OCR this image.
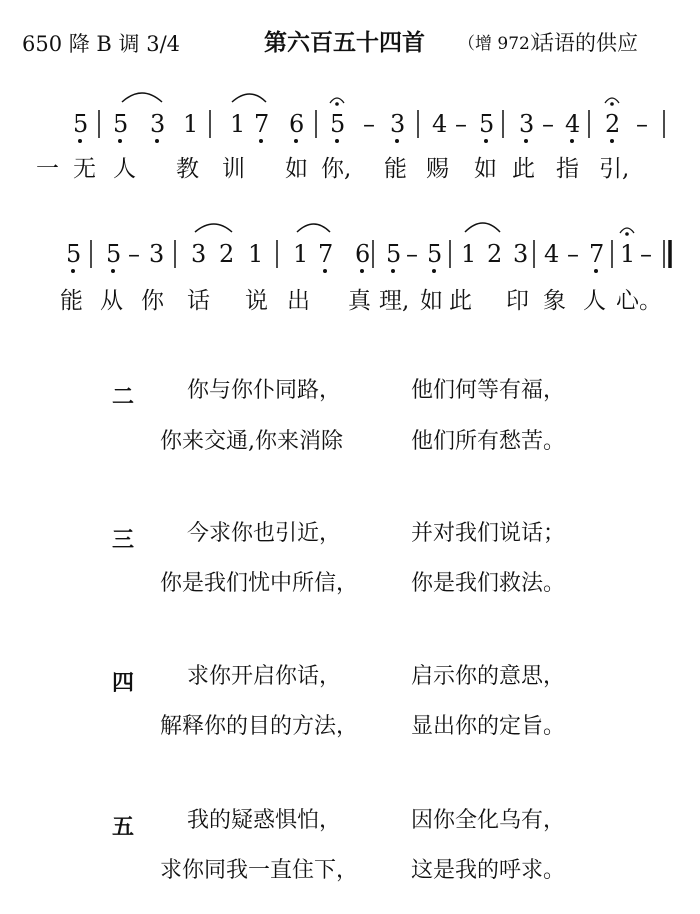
650 降 B 调 3/4	第六百五十四首 （增 972）
话语的供应
5 5 3 1 1 7 6 5 – 3 4 – 5 3 – 4 2 –
5 5 – 3 3 2 1 1 7 6 5 – 5 1 2 3 4 – 7 1 –
一 无 人 教 训 如 你, 能 赐 如 此 指 引,
能 从 你 话 说 出 真 理, 如 此 印 象 人 心。
二 你与你仆同路，	他们何等有福，
你来交通,你来消除	他们所有愁苦。
三 今求你也引近，	并对我们说话；
你是我们忧中所信， 你是我们救法。
四 求你开启你话，	启示你的意思，
解释你的目的方法， 显出你的定旨。
五 我的疑惑惧怕，	因你全化乌有，
求你同我一直住下， 这是我的呼求。
